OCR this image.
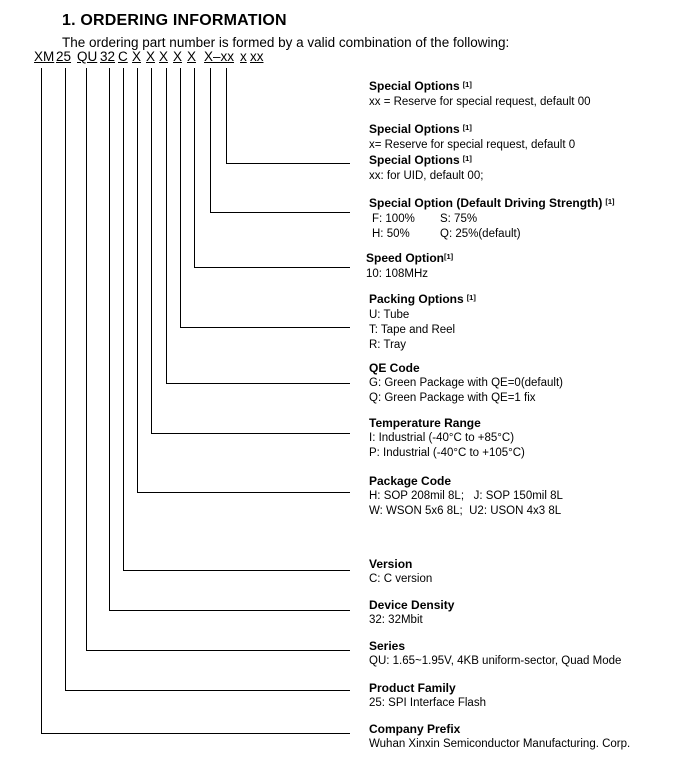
1. ORDERING INFORMATION
The ordering part number is formed by a valid combination of the following:
XM 25 QU 32 C X X X X X X–xx x xx
Special Options [1]
xx = Reserve for special request, default 00
Special Options [1]
x= Reserve for special request, default 0
Special Options [1]
xx: for UID, default 00;
Special Option (Default Driving Strength) [1]
F: 100% S: 75%
H: 50%	Q: 25%(default)
Speed Option[1]
10: 108MHz
Packing Options [1]
U: Tube
T: Tape and Reel
R: Tray
QE Code
G: Green Package with QE=0(default)
Q: Green Package with QE=1 fix
Temperature Range
I: Industrial (-40°C to +85°C)
P: Industrial (-40°C to +105°C)
Package Code
H: SOP 208mil 8L;   J: SOP 150mil 8L
W: WSON 5x6 8L;  U2: USON 4x3 8L
Version
C: C version
Device Density
32: 32Mbit
Series
QU: 1.65~1.95V, 4KB uniform-sector, Quad Mode
Product Family
25: SPI Interface Flash
Company Prefix
Wuhan Xinxin Semiconductor Manufacturing. Corp.
